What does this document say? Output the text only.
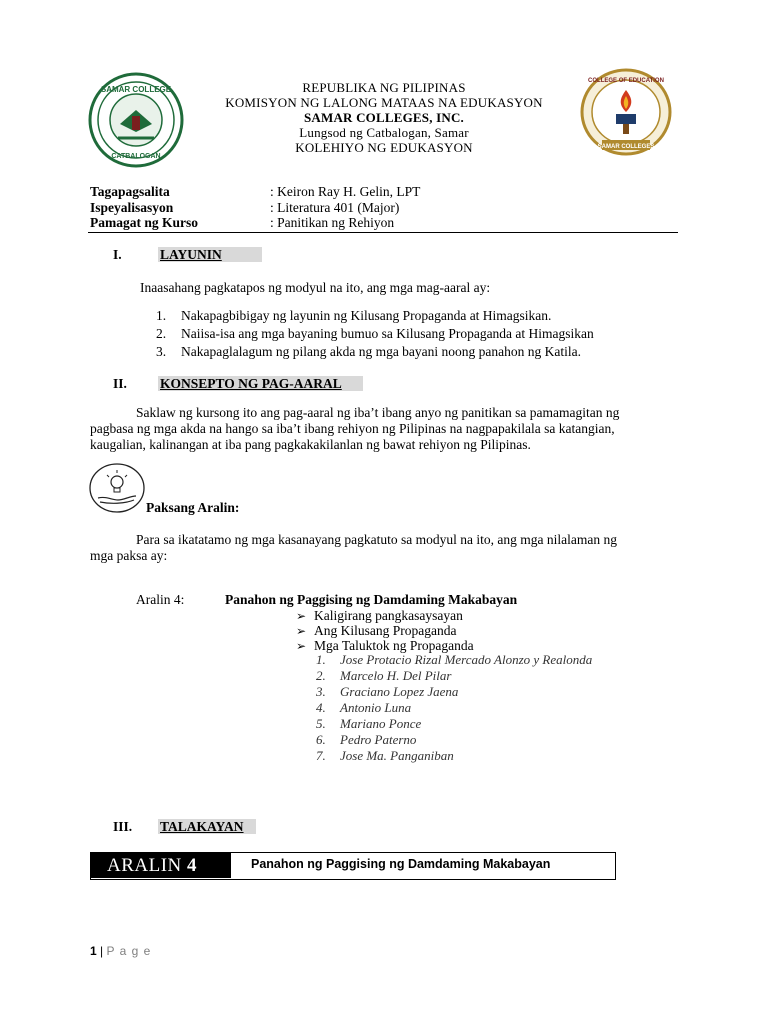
SAMAR COLLEGE
CATBALOGAN
COLLEGE OF EDUCATION
SAMAR COLLEGES
REPUBLIKA NG PILIPINAS
KOMISYON NG LALONG MATAAS NA EDUKASYON
SAMAR COLLEGES, INC.
Lungsod ng Catbalogan, Samar
KOLEHIYO NG EDUKASYON
Tagapagsalita	: Keiron Ray H. Gelin, LPT
Ispeyalisasyon	: Literatura 401 (Major)
Pamagat ng Kurso	: Panitikan ng Rehiyon
I.	LAYUNIN
Inaasahang pagkatapos ng modyul na ito, ang mga mag-aaral ay:
1. Nakapagbibigay ng layunin ng Kilusang Propaganda at Himagsikan.
2. Naiisa-isa ang mga bayaning bumuo sa Kilusang Propaganda at Himagsikan
3. Nakapaglalagum ng pilang akda ng mga bayani noong panahon ng Katila.
II. KONSEPTO NG PAG-AARAL
Saklaw ng kursong ito ang pag-aaral ng iba’t ibang anyo ng panitikan sa pamamagitan ng
pagbasa ng mga akda na hango sa iba’t ibang rehiyon ng Pilipinas na nagpapakilala sa katangian,
kaugalian, kalinangan at iba pang pagkakakilanlan ng bawat rehiyon ng Pilipinas.
Paksang Aralin:
Para sa ikatatamo ng mga kasanayang pagkatuto sa modyul na ito, ang mga nilalaman ng
mga paksa ay:
Aralin 4:	Panahon ng Paggising ng Damdaming Makabayan
➢ Kaligirang pangkasaysayan
➢ Ang Kilusang Propaganda
➢ Mga Taluktok ng Propaganda
1. Jose Protacio Rizal Mercado Alonzo y Realonda
2. Marcelo H. Del Pilar
3. Graciano Lopez Jaena
4. Antonio Luna
5. Mariano Ponce
6. Pedro Paterno
7. Jose Ma. Panganiban
III. TALAKAYAN
ARALIN 4	Panahon ng Paggising ng Damdaming Makabayan
1 | P a g e
